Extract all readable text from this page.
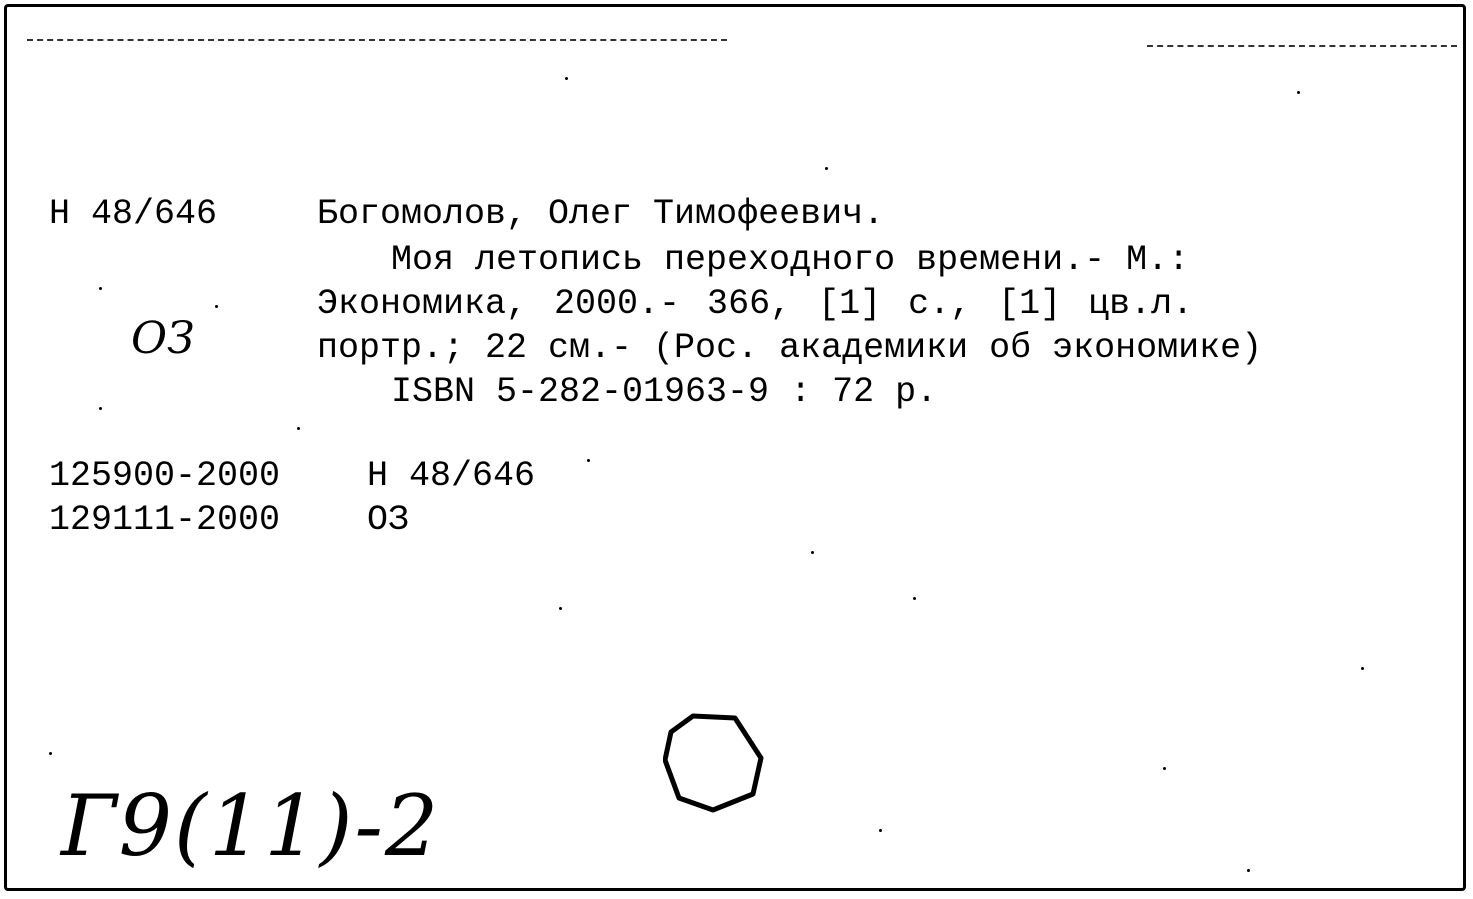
Н 48/646

	Богомолов, Олег Тимофеевич.

Моя летопись переходного времени.- М.:

Экономика, 2000.- 366, [1] с., [1] цв.л.

портр.; 22 см.- (Рос. академики об экономике)

ISBN 5-282-01963-9 : 72 р.

125900-2000

Н 48/646

129111-2000

ОЗ

ОЗ
Г9(11)-2
